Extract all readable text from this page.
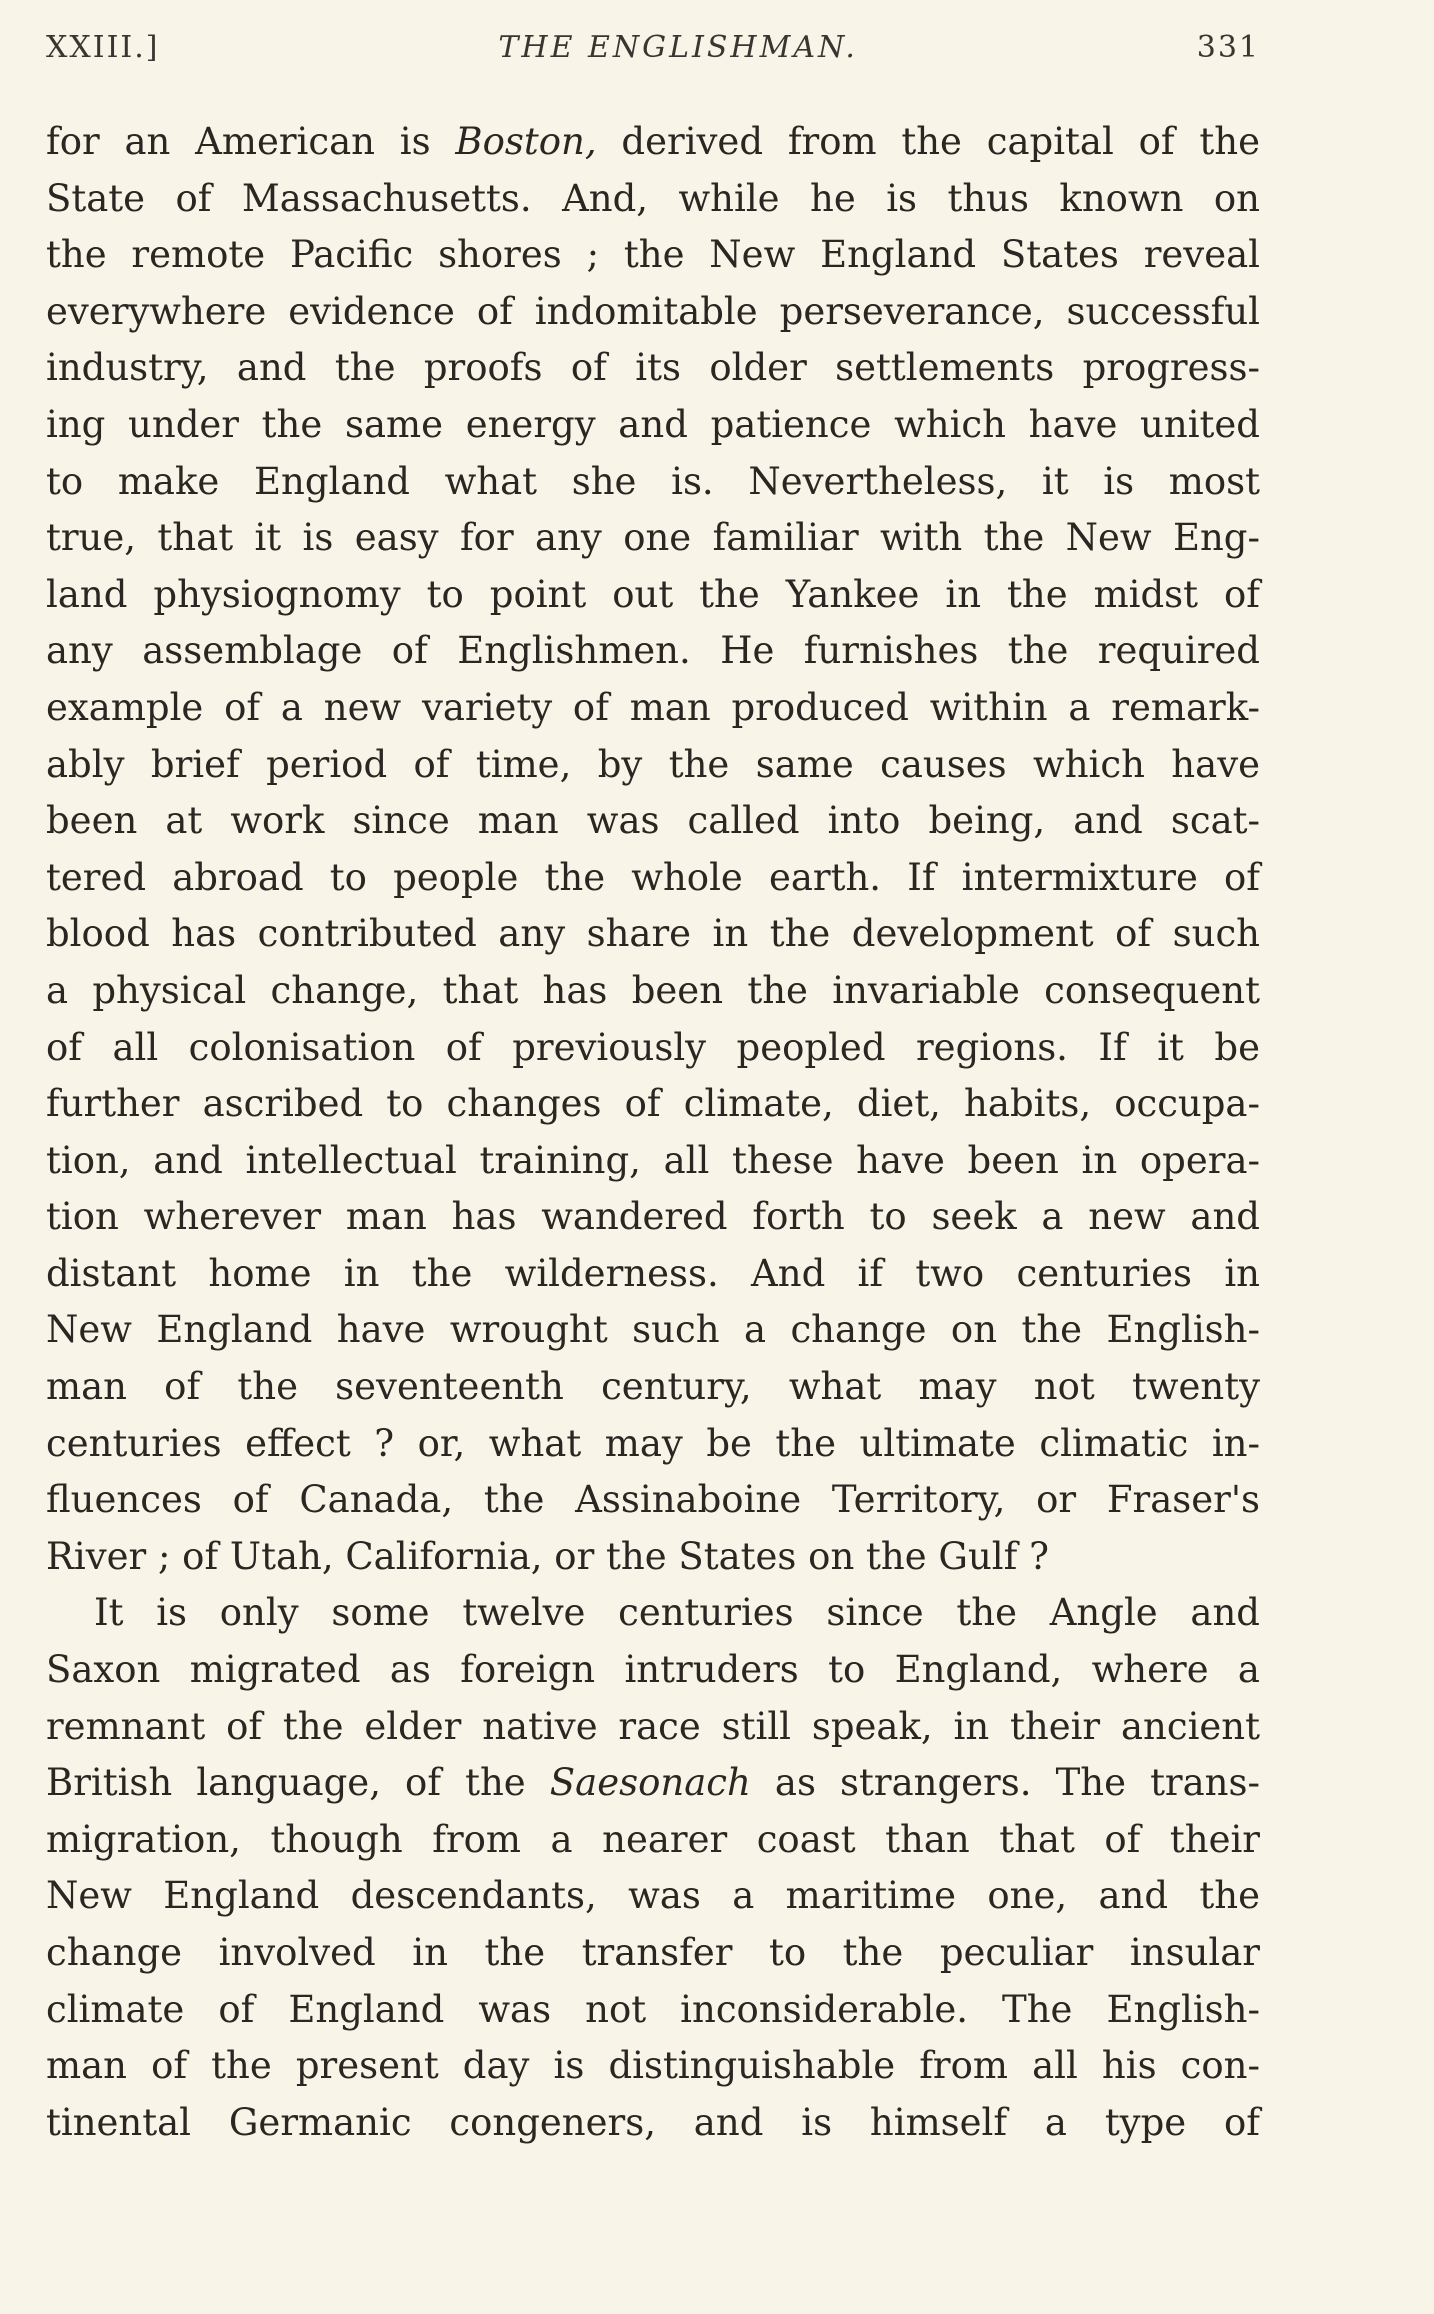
XXIII.]	THE ENGLISHMAN.	331
for an American is Boston, derived from the capital of the
State of Massachusetts. And, while he is thus known on
the remote Pacific shores ; the New England States reveal
everywhere evidence of indomitable perseverance, successful
industry, and the proofs of its older settlements progress-
ing under the same energy and patience which have united
to make England what she is. Nevertheless, it is most
true, that it is easy for any one familiar with the New Eng-
land physiognomy to point out the Yankee in the midst of
any assemblage of Englishmen. He furnishes the required
example of a new variety of man produced within a remark-
ably brief period of time, by the same causes which have
been at work since man was called into being, and scat-
tered abroad to people the whole earth. If intermixture of
blood has contributed any share in the development of such
a physical change, that has been the invariable consequent
of all colonisation of previously peopled regions. If it be
further ascribed to changes of climate, diet, habits, occupa-
tion, and intellectual training, all these have been in opera-
tion wherever man has wandered forth to seek a new and
distant home in the wilderness. And if two centuries in
New England have wrought such a change on the English-
man of the seventeenth century, what may not twenty
centuries effect ? or, what may be the ultimate climatic in-
fluences of Canada, the Assinaboine Territory, or Fraser's
River ; of Utah, California, or the States on the Gulf ?
It is only some twelve centuries since the Angle and
Saxon migrated as foreign intruders to England, where a
remnant of the elder native race still speak, in their ancient
British language, of the Saesonach as strangers. The trans-
migration, though from a nearer coast than that of their
New England descendants, was a maritime one, and the
change involved in the transfer to the peculiar insular
climate of England was not inconsiderable. The English-
man of the present day is distinguishable from all his con-
tinental Germanic congeners, and is himself a type of
